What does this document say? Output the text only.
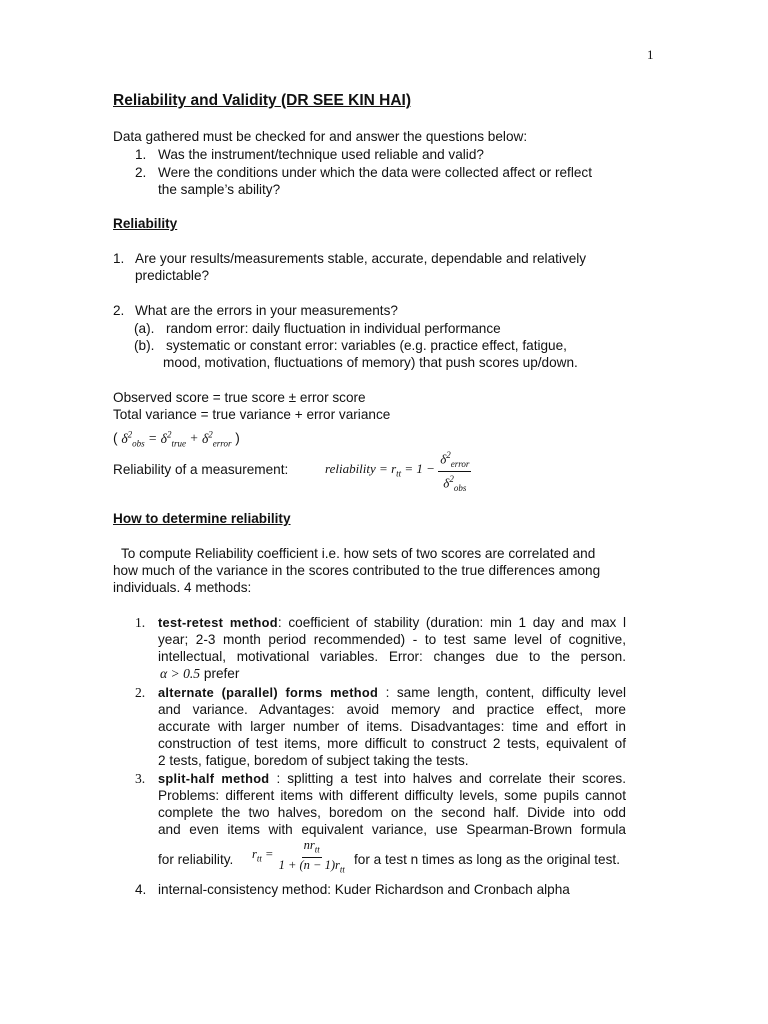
1
Reliability and Validity (DR SEE KIN HAI)
Data gathered must be checked for and answer the questions below:
1. Was the instrument/technique used reliable and valid?
2. Were the conditions under which the data were collected affect or reflect
the sample’s ability?
Reliability
1. Are your results/measurements stable, accurate, dependable and relatively
predictable?
2. What are the errors in your measurements?
(a). random error: daily fluctuation in individual performance
(b). systematic or constant error: variables (e.g. practice effect, fatigue,
mood, motivation, fluctuations of memory) that push scores up/down.
Observed score = true score ± error score
Total variance = true variance + error variance
( $\delta^2_{obs} = \delta^2_{true} + \delta^2_{error}$ )
Reliability of a measurement:	reliability = $r_{tt} = 1 - \frac{\delta^2_{error}}{\delta^2_{obs}}$
How to determine reliability
To compute Reliability coefficient i.e. how sets of two scores are correlated and
how much of the variance in the scores contributed to the true differences among
individuals. 4 methods:
1. test-retest method: coefficient of stability (duration: min 1 day and max l
year; 2-3 month period recommended) - to test same level of cognitive,
intellectual, motivational variables. Error: changes due to the person.
α > 0.5 prefer
2. alternate (parallel) forms method : same length, content, difficulty level
and variance. Advantages: avoid memory and practice effect, more
accurate with larger number of items. Disadvantages: time and effort in
construction of test items, more difficult to construct 2 tests, equivalent of
2 tests, fatigue, boredom of subject taking the tests.
3. split-half method : splitting a test into halves and correlate their scores.
Problems: different items with different difficulty levels, some pupils cannot
complete the two halves, boredom on the second half. Divide into odd
and even items with equivalent variance, use Spearman-Brown formula
for reliability. $r_{tt} = \frac{nr_{tt}}{1 + (n - 1)r_{tt}}$ for a test n times as long as the original test.
4. internal-consistency method: Kuder Richardson and Cronbach alpha
